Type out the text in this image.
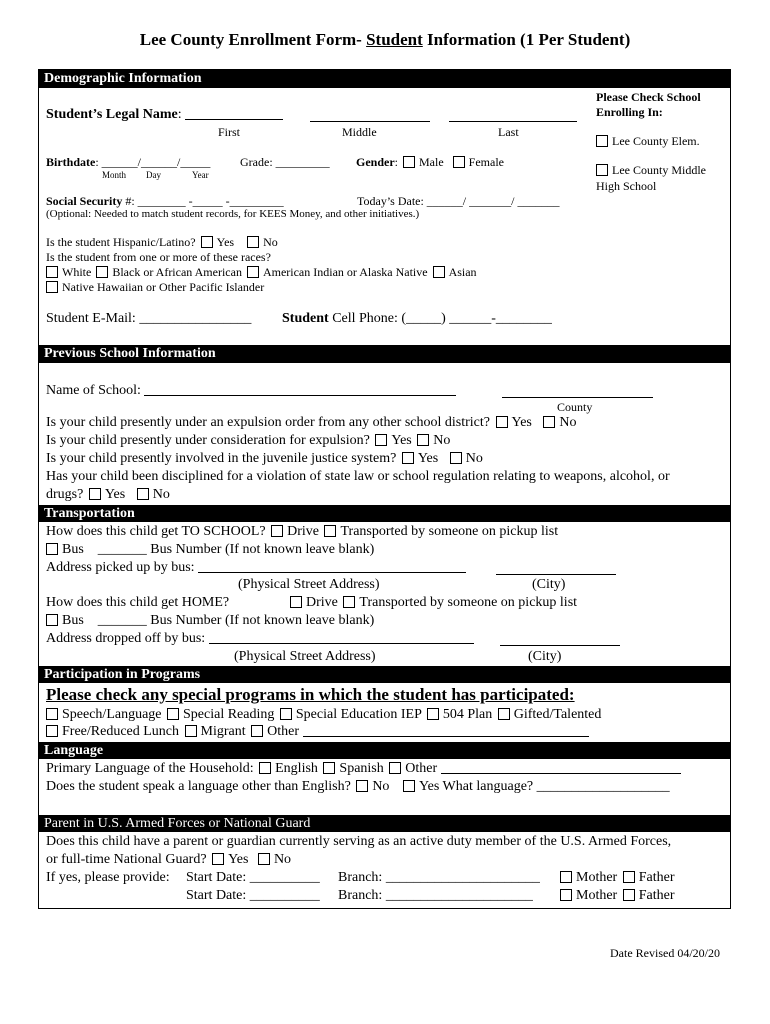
Lee County Enrollment Form- Student Information (1 Per Student)
Demographic Information
Student’s Legal Name:
First	Middle	Last
Please Check School
Enrolling In:
Lee County Elem.
Lee County Middle
High School
Birthdate: ______/______/_____ Grade: _________ Gender: Male Female
Month Day	Year
Social Security #: ________ -_____ -_________	Today’s Date: ______/ _______/ _______
(Optional: Needed to match student records, for KEES Money, and other initiatives.)
Is the student Hispanic/Latino? Yes No
Is the student from one or more of these races?
White Black or African American American Indian or Alaska Native Asian
Native Hawaiian or Other Pacific Islander
Student E-Mail: ________________ Student Cell Phone: (_____) ______-________
Previous School Information
Name of School:
County
Is your child presently under an expulsion order from any other school district? Yes No
Is your child presently under consideration for expulsion? Yes No
Is your child presently involved in the juvenile justice system? Yes No
Has your child been disciplined for a violation of state law or school regulation relating to weapons, alcohol, or
drugs? Yes No
Transportation
How does this child get TO SCHOOL? Drive Transported by someone on pickup list
Bus _______ Bus Number (If not known leave blank)
Address picked up by bus:
(Physical Street Address)	(City)
How does this child get HOME?	Drive Transported by someone on pickup list
Bus _______ Bus Number (If not known leave blank)
Address dropped off by bus:
(Physical Street Address)	(City)
Participation in Programs
Please check any special programs in which the student has participated:
Speech/Language Special Reading Special Education IEP 504 Plan Gifted/Talented
Free/Reduced Lunch Migrant Other
Language
Primary Language of the Household: English Spanish Other
Does the student speak a language other than English? No Yes What language? ___________________
Parent in U.S. Armed Forces or National Guard
Does this child have a parent or guardian currently serving as an active duty member of the U.S. Armed Forces,
or full-time National Guard? Yes No
If yes, please provide: Start Date: __________ Branch: ______________________	Mother Father
Start Date: __________ Branch: _____________________	Mother Father
Date Revised 04/20/20
